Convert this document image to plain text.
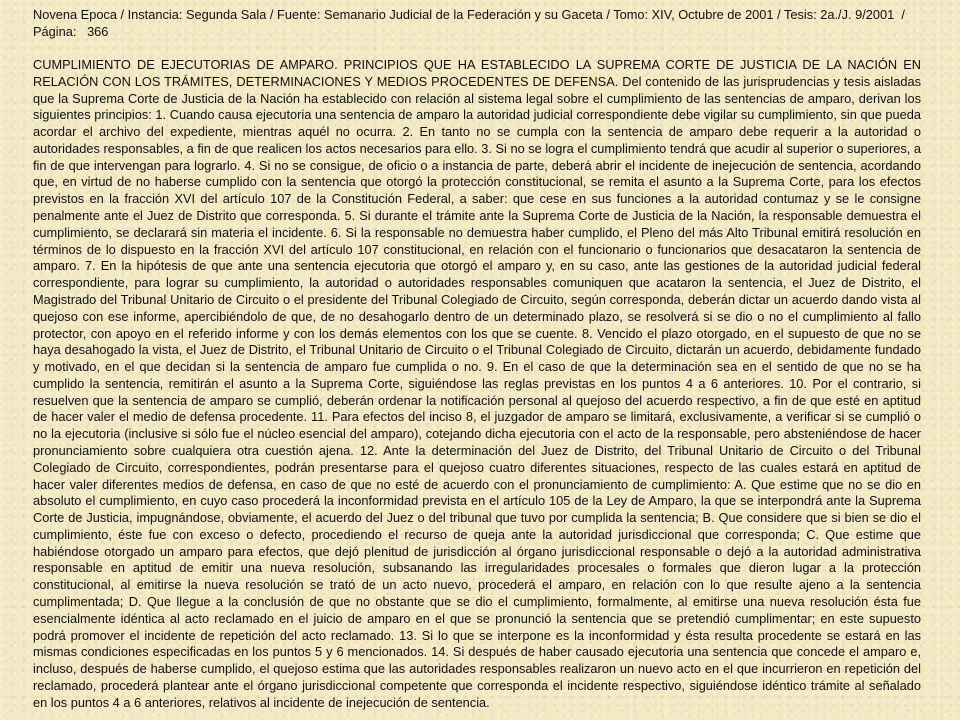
Novena Epoca / Instancia: Segunda Sala / Fuente: Semanario Judicial de la Federación y su Gaceta / Tomo: XIV, Octubre de 2001 / Tesis: 2a./J. 9/2001  /  Página:   366

CUMPLIMIENTO DE EJECUTORIAS DE AMPARO. PRINCIPIOS QUE HA ESTABLECIDO LA SUPREMA CORTE DE JUSTICIA DE LA NACIÓN EN RELACIÓN CON LOS TRÁMITES, DETERMINACIONES Y MEDIOS PROCEDENTES DE DEFENSA. Del contenido de las jurisprudencias y tesis aisladas que la Suprema Corte de Justicia de la Nación ha establecido con relación al sistema legal sobre el cumplimiento de las sentencias de amparo, derivan los siguientes principios: 1. Cuando causa ejecutoria una sentencia de amparo la autoridad judicial correspondiente debe vigilar su cumplimiento, sin que pueda acordar el archivo del expediente, mientras aquél no ocurra. 2. En tanto no se cumpla con la sentencia de amparo debe requerir a la autoridad o autoridades responsables, a fin de que realicen los actos necesarios para ello. 3. Si no se logra el cumplimiento tendrá que acudir al superior o superiores, a fin de que intervengan para lograrlo. 4. Si no se consigue, de oficio o a instancia de parte, deberá abrir el incidente de inejecución de sentencia, acordando que, en virtud de no haberse cumplido con la sentencia que otorgó la protección constitucional, se remita el asunto a la Suprema Corte, para los efectos previstos en la fracción XVI del artículo 107 de la Constitución Federal, a saber: que cese en sus funciones a la autoridad contumaz y se le consigne penalmente ante el Juez de Distrito que corresponda. 5. Si durante el trámite ante la Suprema Corte de Justicia de la Nación, la responsable demuestra el cumplimiento, se declarará sin materia el incidente. 6. Si la responsable no demuestra haber cumplido, el Pleno del más Alto Tribunal emitirá resolución en términos de lo dispuesto en la fracción XVI del artículo 107 constitucional, en relación con el funcionario o funcionarios que desacataron la sentencia de amparo. 7. En la hipótesis de que ante una sentencia ejecutoria que otorgó el amparo y, en su caso, ante las gestiones de la autoridad judicial federal correspondiente, para lograr su cumplimiento, la autoridad o autoridades responsables comuniquen que acataron la sentencia, el Juez de Distrito, el Magistrado del Tribunal Unitario de Circuito o el presidente del Tribunal Colegiado de Circuito, según corresponda, deberán dictar un acuerdo dando vista al quejoso con ese informe, apercibiéndolo de que, de no desahogarlo dentro de un determinado plazo, se resolverá si se dio o no el cumplimiento al fallo protector, con apoyo en el referido informe y con los demás elementos con los que se cuente. 8. Vencido el plazo otorgado, en el supuesto de que no se haya desahogado la vista, el Juez de Distrito, el Tribunal Unitario de Circuito o el Tribunal Colegiado de Circuito, dictarán un acuerdo, debidamente fundado y motivado, en el que decidan si la sentencia de amparo fue cumplida o no. 9. En el caso de que la determinación sea en el sentido de que no se ha cumplido la sentencia, remitirán el asunto a la Suprema Corte, siguiéndose las reglas previstas en los puntos 4 a 6 anteriores. 10. Por el contrario, si resuelven que la sentencia de amparo se cumplió, deberán ordenar la notificación personal al quejoso del acuerdo respectivo, a fin de que esté en aptitud de hacer valer el medio de defensa procedente. 11. Para efectos del inciso 8, el juzgador de amparo se limitará, exclusivamente, a verificar si se cumplió o no la ejecutoria (inclusive si sólo fue el núcleo esencial del amparo), cotejando dicha ejecutoria con el acto de la responsable, pero absteniéndose de hacer pronunciamiento sobre cualquiera otra cuestión ajena. 12. Ante la determinación del Juez de Distrito, del Tribunal Unitario de Circuito o del Tribunal Colegiado de Circuito, correspondientes, podrán presentarse para el quejoso cuatro diferentes situaciones, respecto de las cuales estará en aptitud de hacer valer diferentes medios de defensa, en caso de que no esté de acuerdo con el pronunciamiento de cumplimiento: A. Que estime que no se dio en absoluto el cumplimiento, en cuyo caso procederá la inconformidad prevista en el artículo 105 de la Ley de Amparo, la que se interpondrá ante la Suprema Corte de Justicia, impugnándose, obviamente, el acuerdo del Juez o del tribunal que tuvo por cumplida la sentencia; B. Que considere que si bien se dio el cumplimiento, éste fue con exceso o defecto, procediendo el recurso de queja ante la autoridad jurisdiccional que corresponda; C. Que estime que habiéndose otorgado un amparo para efectos, que dejó plenitud de jurisdicción al órgano jurisdiccional responsable o dejó a la autoridad administrativa responsable en aptitud de emitir una nueva resolución, subsanando las irregularidades procesales o formales que dieron lugar a la protección constitucional, al emitirse la nueva resolución se trató de un acto nuevo, procederá el amparo, en relación con lo que resulte ajeno a la sentencia cumplimentada; D. Que llegue a la conclusión de que no obstante que se dio el cumplimiento, formalmente, al emitirse una nueva resolución ésta fue esencialmente idéntica al acto reclamado en el juicio de amparo en el que se pronunció la sentencia que se pretendió cumplimentar; en este supuesto podrá promover el incidente de repetición del acto reclamado. 13. Si lo que se interpone es la inconformidad y ésta resulta procedente se estará en las mismas condiciones especificadas en los puntos 5 y 6 mencionados. 14. Si después de haber causado ejecutoria una sentencia que concede el amparo e, incluso, después de haberse cumplido, el quejoso estima que las autoridades responsables realizaron un nuevo acto en el que incurrieron en repetición del reclamado, procederá plantear ante el órgano jurisdiccional competente que corresponda el incidente respectivo, siguiéndose idéntico trámite al señalado en los puntos 4 a 6 anteriores, relativos al incidente de inejecución de sentencia.
